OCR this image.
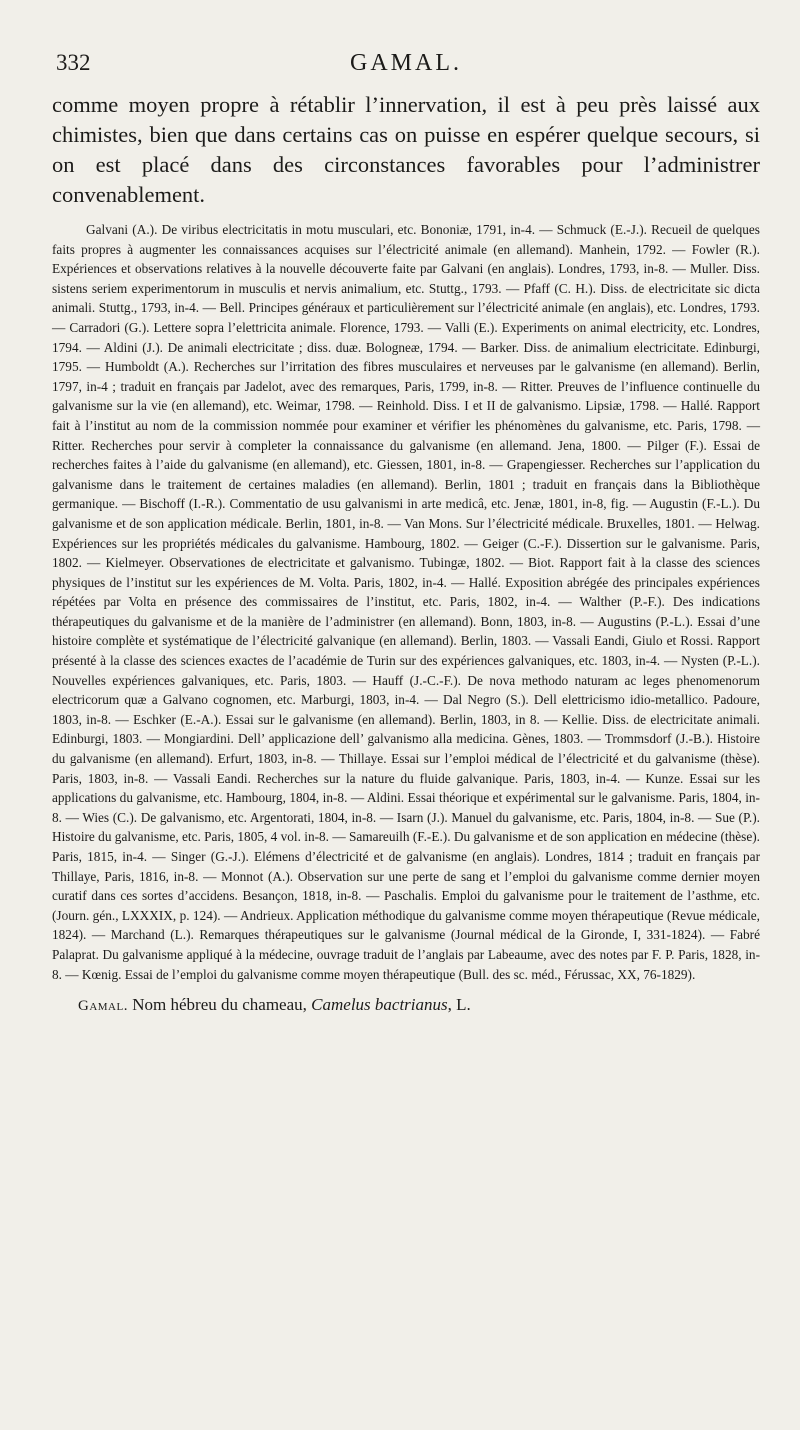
332	GAMAL.

comme moyen propre à rétablir l’innervation, il est à peu près laissé aux chimistes, bien que dans certains cas on puisse en espérer quelque secours, si on est placé dans des circonstances favorables pour l’administrer convenablement.

Galvani (A.). De viribus electricitatis in motu musculari, etc. Bononiæ, 1791, in-4. — Schmuck (E.-J.). Recueil de quelques faits propres à augmenter les connaissances acquises sur l’électricité animale (en allemand). Manhein, 1792. — Fowler (R.). Expériences et observations relatives à la nouvelle découverte faite par Galvani (en anglais). Londres, 1793, in-8. — Muller. Diss. sistens seriem experimentorum in musculis et nervis animalium, etc. Stuttg., 1793. — Pfaff (C. H.). Diss. de electricitate sic dicta animali. Stuttg., 1793, in-4. — Bell. Principes généraux et particulièrement sur l’électricité animale (en anglais), etc. Londres, 1793. — Carradori (G.). Lettere sopra l’elettricita animale. Florence, 1793. — Valli (E.). Experiments on animal electricity, etc. Londres, 1794. — Aldini (J.). De animali electricitate ; diss. duæ. Bologneæ, 1794. — Barker. Diss. de animalium electricitate. Edinburgi, 1795. — Humboldt (A.). Recherches sur l’irritation des fibres musculaires et nerveuses par le galvanisme (en allemand). Berlin, 1797, in-4 ; traduit en français par Jadelot, avec des remarques, Paris, 1799, in-8. — Ritter. Preuves de l’influence continuelle du galvanisme sur la vie (en allemand), etc. Weimar, 1798. — Reinhold. Diss. I et II de galvanismo. Lipsiæ, 1798. — Hallé. Rapport fait à l’institut au nom de la commission nommée pour examiner et vérifier les phénomènes du galvanisme, etc. Paris, 1798. — Ritter. Recherches pour servir à completer la connaissance du galvanisme (en allemand. Jena, 1800. — Pilger (F.). Essai de recherches faites à l’aide du galvanisme (en allemand), etc. Giessen, 1801, in-8. — Grapengiesser. Recherches sur l’application du galvanisme dans le traitement de certaines maladies (en allemand). Berlin, 1801 ; traduit en français dans la Bibliothèque germanique. — Bischoff (I.-R.). Commentatio de usu galvanismi in arte medicâ, etc. Jenæ, 1801, in-8, fig. — Augustin (F.-L.). Du galvanisme et de son application médicale. Berlin, 1801, in-8. — Van Mons. Sur l’électricité médicale. Bruxelles, 1801. — Helwag. Expériences sur les propriétés médicales du galvanisme. Hambourg, 1802. — Geiger (C.-F.). Dissertion sur le galvanisme. Paris, 1802. — Kielmeyer. Observationes de electricitate et galvanismo. Tubingæ, 1802. — Biot. Rapport fait à la classe des sciences physiques de l’institut sur les expériences de M. Volta. Paris, 1802, in-4. — Hallé. Exposition abrégée des principales expériences répétées par Volta en présence des commissaires de l’institut, etc. Paris, 1802, in-4. — Walther (P.-F.). Des indications thérapeutiques du galvanisme et de la manière de l’administrer (en allemand). Bonn, 1803, in-8. — Augustins (P.-L.). Essai d’une histoire complète et systématique de l’électricité galvanique (en allemand). Berlin, 1803. — Vassali Eandi, Giulo et Rossi. Rapport présenté à la classe des sciences exactes de l’académie de Turin sur des expériences galvaniques, etc. 1803, in-4. — Nysten (P.-L.). Nouvelles expériences galvaniques, etc. Paris, 1803. — Hauff (J.-C.-F.). De nova methodo naturam ac leges phenomenorum electricorum quæ a Galvano cognomen, etc. Marburgi, 1803, in-4. — Dal Negro (S.). Dell elettricismo idio-metallico. Padoure, 1803, in-8. — Eschker (E.-A.). Essai sur le galvanisme (en allemand). Berlin, 1803, in 8. — Kellie. Diss. de electricitate animali. Edinburgi, 1803. — Mongiardini. Dell’ applicazione dell’ galvanismo alla medicina. Gènes, 1803. — Trommsdorf (J.-B.). Histoire du galvanisme (en allemand). Erfurt, 1803, in-8. — Thillaye. Essai sur l’emploi médical de l’électricité et du galvanisme (thèse). Paris, 1803, in-8. — Vassali Eandi. Recherches sur la nature du fluide galvanique. Paris, 1803, in-4. — Kunze. Essai sur les applications du galvanisme, etc. Hambourg, 1804, in-8. — Aldini. Essai théorique et expérimental sur le galvanisme. Paris, 1804, in-8. — Wies (C.). De galvanismo, etc. Argentorati, 1804, in-8. — Isarn (J.). Manuel du galvanisme, etc. Paris, 1804, in-8. — Sue (P.). Histoire du galvanisme, etc. Paris, 1805, 4 vol. in-8. — Samareuilh (F.-E.). Du galvanisme et de son application en médecine (thèse). Paris, 1815, in-4. — Singer (G.-J.). Elémens d’électricité et de galvanisme (en anglais). Londres, 1814 ; traduit en français par Thillaye, Paris, 1816, in-8. — Monnot (A.). Observation sur une perte de sang et l’emploi du galvanisme comme dernier moyen curatif dans ces sortes d’accidens. Besançon, 1818, in-8. — Paschalis. Emploi du galvanisme pour le traitement de l’asthme, etc. (Journ. gén., LXXXIX, p. 124). — Andrieux. Application méthodique du galvanisme comme moyen thérapeutique (Revue médicale, 1824). — Marchand (L.). Remarques thérapeutiques sur le galvanisme (Journal médical de la Gironde, I, 331-1824). — Fabré Palaprat. Du galvanisme appliqué à la médecine, ouvrage traduit de l’anglais par Labeaume, avec des notes par F. P. Paris, 1828, in-8. — Kœnig. Essai de l’emploi du galvanisme comme moyen thérapeutique (Bull. des sc. méd., Férussac, XX, 76-1829).

Gamal. Nom hébreu du chameau, Camelus bactrianus, L.
